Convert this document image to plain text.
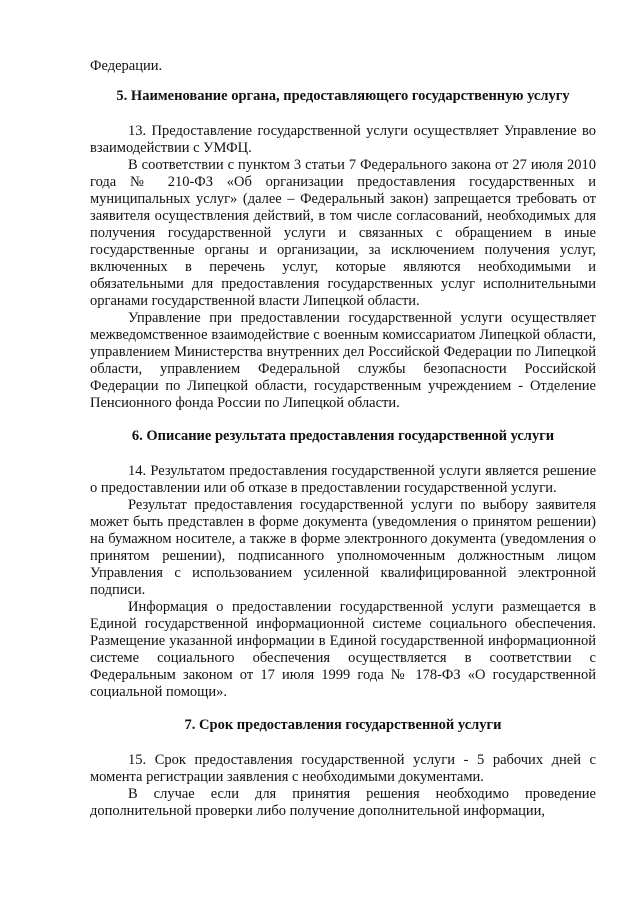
Федерации.

5. Наименование органа, предоставляющего государственную услугу

13. Предоставление государственной услуги осуществляет Управление во взаимодействии с УМФЦ.

В соответствии с пунктом 3 статьи 7 Федерального закона от 27 июля 2010 года № 210-ФЗ «Об организации предоставления государственных и муниципальных услуг» (далее – Федеральный закон) запрещается требовать от заявителя осуществления действий, в том числе согласований, необходимых для получения государственной услуги и связанных с обращением в иные государственные органы и организации, за исключением получения услуг, включенных в перечень услуг, которые являются необходимыми и обязательными для предоставления государственных услуг исполнительными органами государственной власти Липецкой области.

Управление при предоставлении государственной услуги осуществляет межведомственное взаимодействие с военным комиссариатом Липецкой области, управлением Министерства внутренних дел Российской Федерации по Липецкой области, управлением Федеральной службы безопасности Российской Федерации по Липецкой области, государственным учреждением - Отделение Пенсионного фонда России по Липецкой области.

6. Описание результата предоставления государственной услуги

14. Результатом предоставления государственной услуги является решение о предоставлении или об отказе в предоставлении государственной услуги.

Результат предоставления государственной услуги по выбору заявителя может быть представлен в форме документа (уведомления о принятом решении) на бумажном носителе, а также в форме электронного документа (уведомления о принятом решении), подписанного уполномоченным должностным лицом Управления с использованием усиленной квалифицированной электронной подписи.

Информация о предоставлении государственной услуги размещается в Единой государственной информационной системе социального обеспечения. Размещение указанной информации в Единой государственной информационной системе социального обеспечения осуществляется в соответствии с Федеральным законом от 17 июля 1999 года № 178-ФЗ «О государственной социальной помощи».

7. Срок предоставления государственной услуги

15. Срок предоставления государственной услуги - 5 рабочих дней с момента регистрации заявления с необходимыми документами.

В случае если для принятия решения необходимо проведение дополнительной проверки либо получение дополнительной информации,
